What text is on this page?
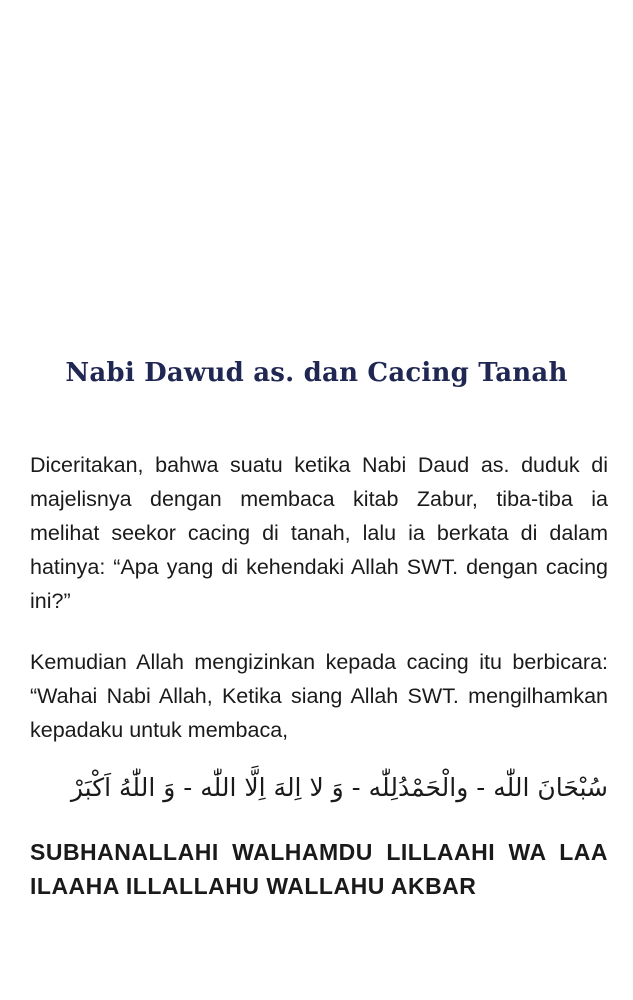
Nabi Dawud as. dan Cacing Tanah

Diceritakan, bahwa suatu ketika Nabi Daud as. duduk di majelisnya dengan membaca kitab Zabur, tiba-tiba ia melihat seekor cacing di tanah, lalu ia berkata di dalam hatinya: “Apa yang di kehendaki Allah SWT. dengan cacing ini?”

Kemudian Allah mengizinkan kepada cacing itu berbicara: “Wahai Nabi Allah, Ketika siang Allah SWT. mengilhamkan kepadaku untuk membaca,

سُبْحَانَ اللّٰه - والْحَمْدُلِلّٰه - وَ لا اِلهَ اِلَّا اللّٰه - وَ اللّٰهُ اَكْبَرْ

SUBHANALLAHI WALHAMDU LILLAAHI WA LAA ILAAHA ILLALLAHU WALLAHU AKBAR
